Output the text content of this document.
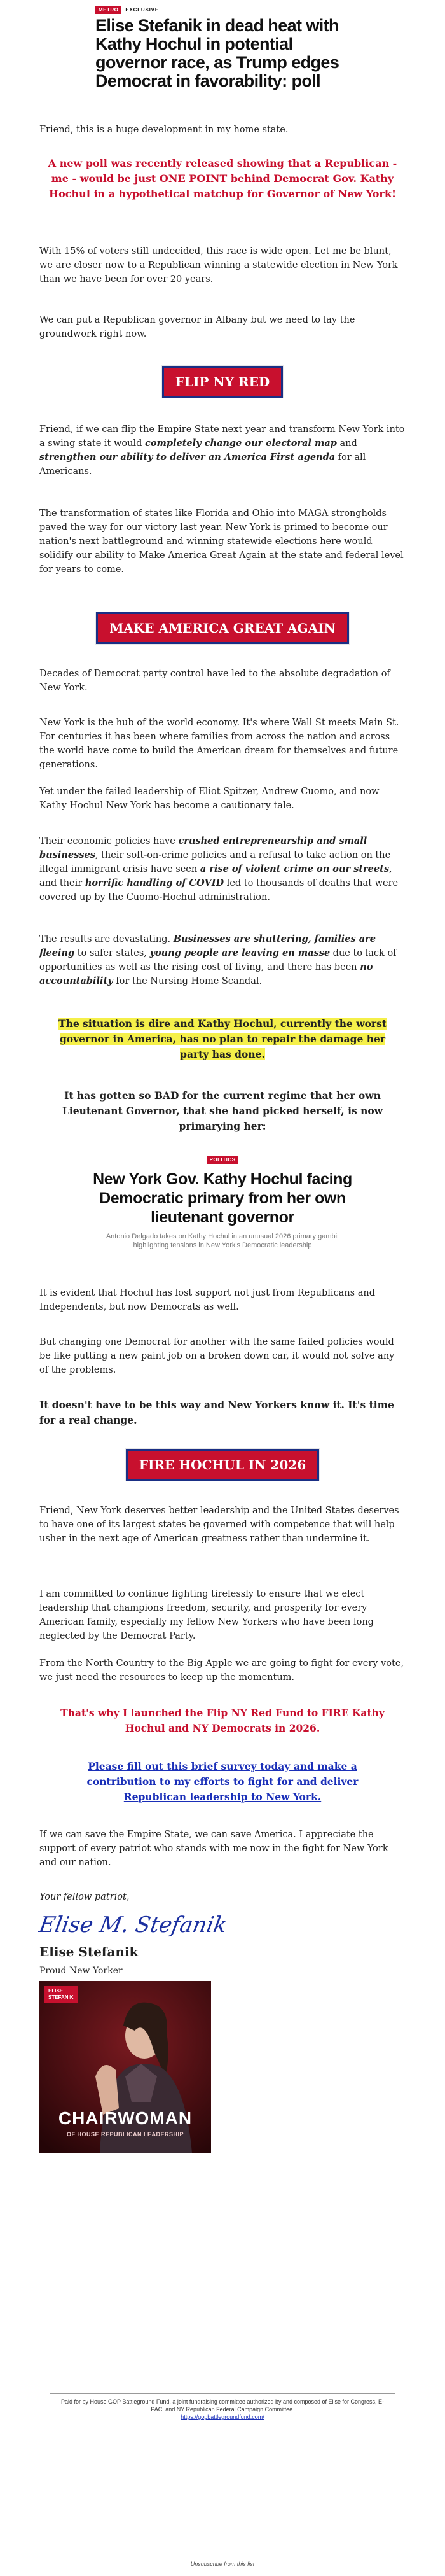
METRO	EXCLUSIVE
Elise Stefanik in dead heat with Kathy Hochul in potential governor race, as Trump edges Democrat in favorability: poll

Friend, this is a huge development in my home state.

A new poll was recently released showing that a Republican - me - would be just ONE POINT behind Democrat Gov. Kathy Hochul in a hypothetical matchup for Governor of New York!

With 15% of voters still undecided, this race is wide open. Let me be blunt, we are closer now to a Republican winning a statewide election in New York than we have been for over 20 years.

We can put a Republican governor in Albany but we need to lay the groundwork right now.

FLIP NY RED

Friend, if we can flip the Empire State next year and transform New York into a swing state it would completely change our electoral map and strengthen our ability to deliver an America First agenda for all Americans.

The transformation of states like Florida and Ohio into MAGA strongholds paved the way for our victory last year. New York is primed to become our nation's next battleground and winning statewide elections here would solidify our ability to Make America Great Again at the state and federal level for years to come.

MAKE AMERICA GREAT AGAIN

Decades of Democrat party control have led to the absolute degradation of New York.

New York is the hub of the world economy. It's where Wall St meets Main St. For centuries it has been where families from across the nation and across the world have come to build the American dream for themselves and future generations.

Yet under the failed leadership of Eliot Spitzer, Andrew Cuomo, and now Kathy Hochul New York has become a cautionary tale.

Their economic policies have crushed entrepreneurship and small businesses, their soft-on-crime policies and a refusal to take action on the illegal immigrant crisis have seen a rise of violent crime on our streets, and their horrific handling of COVID led to thousands of deaths that were covered up by the Cuomo-Hochul administration.

The results are devastating. Businesses are shuttering, families are fleeing to safer states, young people are leaving en masse due to lack of opportunities as well as the rising cost of living, and there has been no accountability for the Nursing Home Scandal.

The situation is dire and Kathy Hochul, currently the worst governor in America, has no plan to repair the damage her party has done.

It has gotten so BAD for the current regime that her own Lieutenant Governor, that she hand picked herself, is now primarying her:

POLITICS
New York Gov. Kathy Hochul facing Democratic primary from her own lieutenant governor
Antonio Delgado takes on Kathy Hochul in an unusual 2026 primary gambit highlighting tensions in New York's Democratic leadership

It is evident that Hochul has lost support not just from Republicans and Independents, but now Democrats as well.

But changing one Democrat for another with the same failed policies would be like putting a new paint job on a broken down car, it would not solve any of the problems.

It doesn't have to be this way and New Yorkers know it. It's time for a real change.

FIRE HOCHUL IN 2026

Friend, New York deserves better leadership and the United States deserves to have one of its largest states be governed with competence that will help usher in the next age of American greatness rather than undermine it.

I am committed to continue fighting tirelessly to ensure that we elect leadership that champions freedom, security, and prosperity for every American family, especially my fellow New Yorkers who have been long neglected by the Democrat Party.

From the North Country to the Big Apple we are going to fight for every vote, we just need the resources to keep up the momentum.

That's why I launched the Flip NY Red Fund to FIRE Kathy Hochul and NY Democrats in 2026.

Please fill out this brief survey today and make a contribution to my efforts to fight for and deliver Republican leadership to New York.

If we can save the Empire State, we can save America. I appreciate the support of every patriot who stands with me now in the fight for New York and our nation.

Your fellow patriot,

Elise M. Stefanik

Elise Stefanik

Proud New Yorker

ELISE
STEFANIK
CHAIRWOMAN
OF HOUSE REPUBLICAN LEADERSHIP
Paid for by House GOP Battleground Fund, a joint fundraising committee authorized by and composed of Elise for Congress, E-PAC, and NY Republican Federal Campaign Committee.
https://gopbattlegroundfund.com/
Unsubscribe from this list
